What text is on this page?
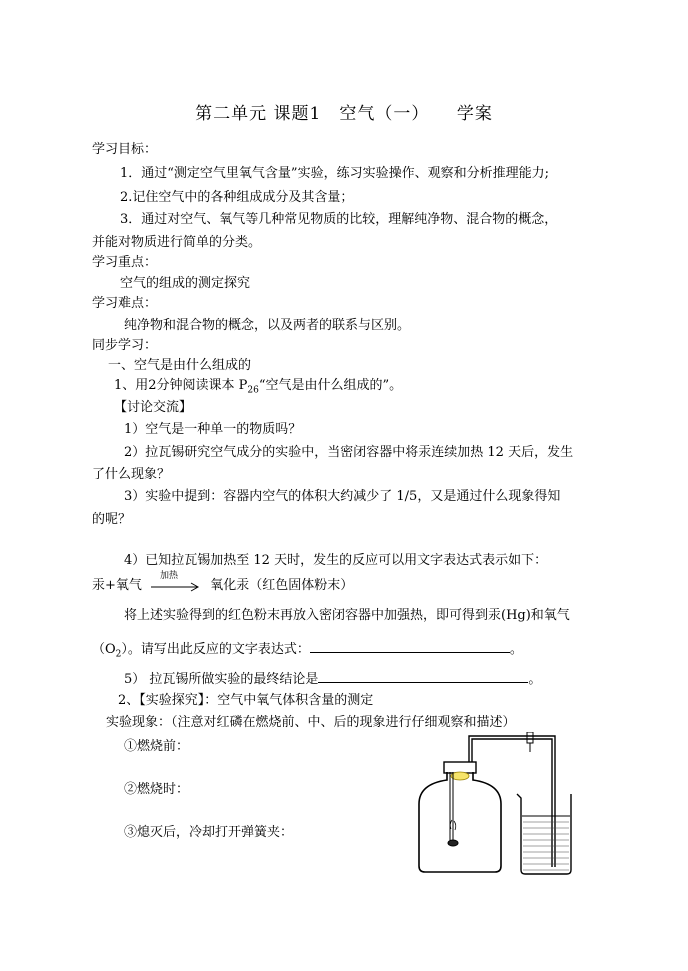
第二单元 课题1　空气（一）　　学案
学习目标：
1．通过“测定空气里氧气含量”实验，练习实验操作、观察和分析推理能力;
2.记住空气中的各种组成成分及其含量；
3．通过对空气、氧气等几种常见物质的比较，理解纯净物、混合物的概念，
并能对物质进行简单的分类。
学习重点：
空气的组成的测定探究
学习难点：
纯净物和混合物的概念，以及两者的联系与区别。
同步学习：
一、空气是由什么组成的
1、用2分钟阅读课本 $P_{26}“$空气是由什么组成的”。
【讨论交流】
1）空气是一种单一的物质吗？
2）拉瓦锡研究空气成分的实验中，当密闭容器中将汞连续加热 12 天后，发生
了什么现象？
3）实验中提到：容器内空气的体积大约减少了 1/5，又是通过什么现象得知
的呢？
4）已知拉瓦锡加热至 12 天时，发生的反应可以用文字表达式表示如下：
汞+氧气
加热
氧化汞（红色固体粉末）
将上述实验得到的红色粉末再放入密闭容器中加强热，即可得到汞(Hg)和氧气
$(O_2)$。请写出此反应的文字表达式：	。
5） 拉瓦锡所做实验的最终结论是	。
2、【实验探究】：空气中氧气体积含量的测定
实验现象：（注意对红磷在燃烧前、中、后的现象进行仔细观察和描述）
①燃烧前：
②燃烧时：
③熄灭后，冷却打开弹簧夹：
